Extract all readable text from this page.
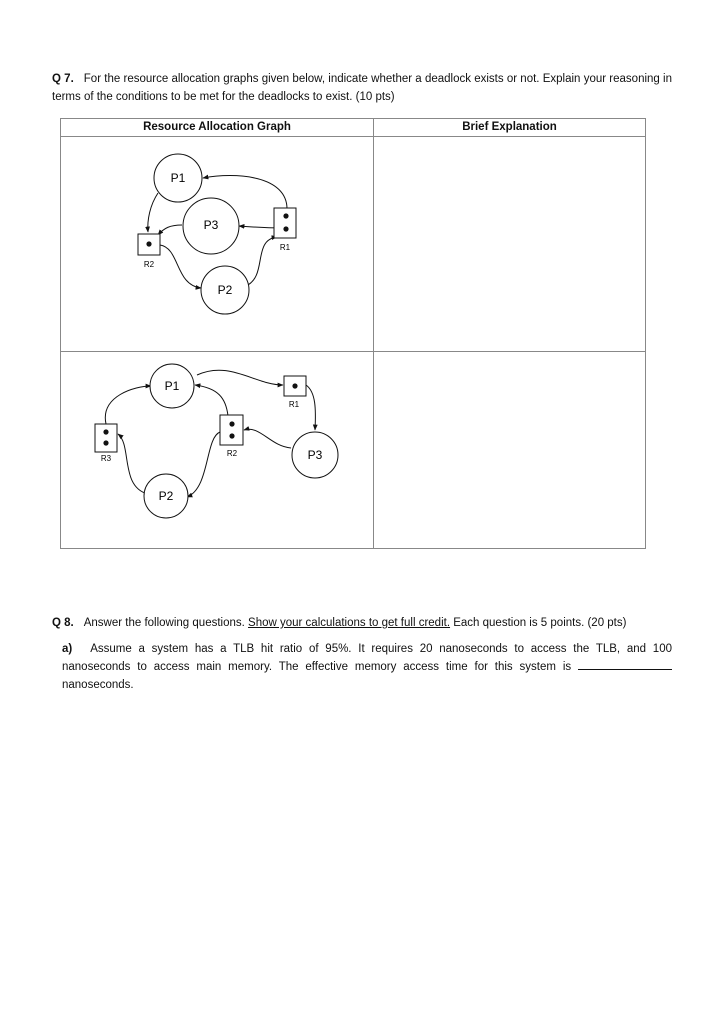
Q 7. For the resource allocation graphs given below, indicate whether a deadlock exists or not. Explain your reasoning in terms of the conditions to be met for the deadlocks to exist. (10 pts)
Resource Allocation Graph	Brief Explanation
P1
P3
P2
R1
R2
P1
P2
P3
R1
R2
R3
Q 8. Answer the following questions. Show your calculations to get full credit. Each question is 5 points. (20 pts)
a) Assume a system has a TLB hit ratio of 95%. It requires 20 nanoseconds to access the TLB, and 100 nanoseconds to access main memory. The effective memory access time for this system is  nanoseconds.
